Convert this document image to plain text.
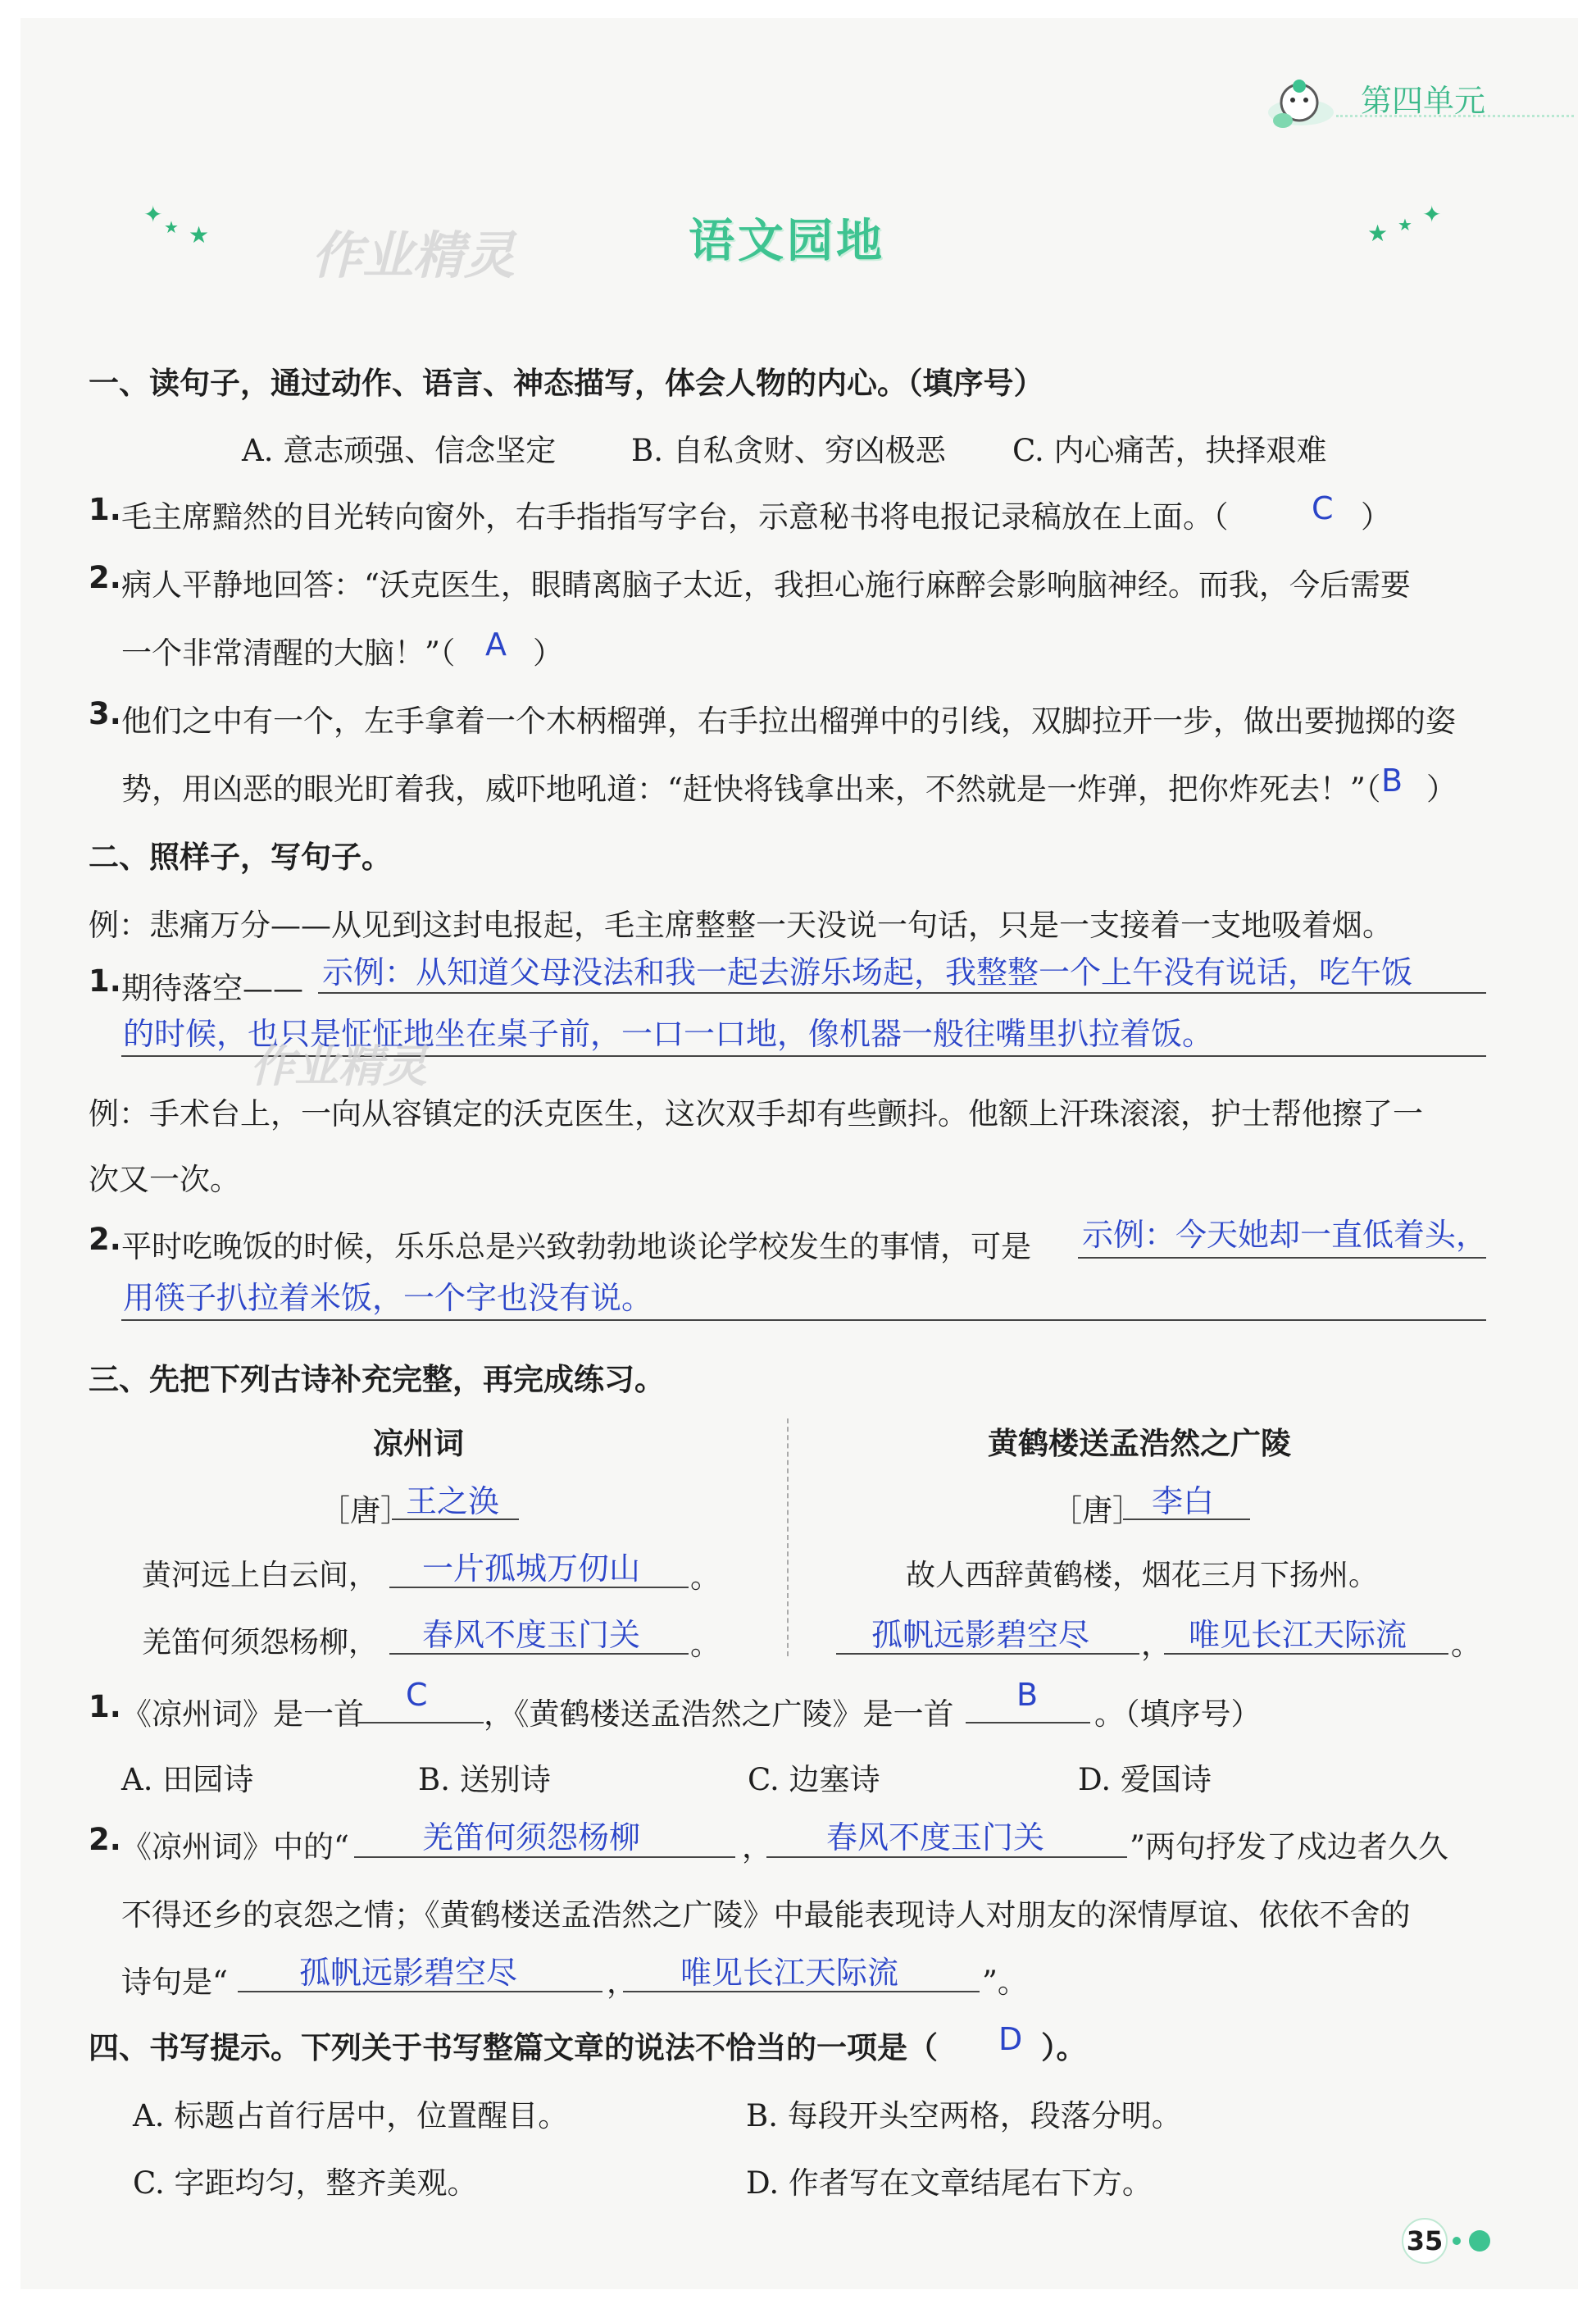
第四单元
✦ ★ ★ 作业精灵	语文园地	★ ★ ✦
一、读句子，通过动作、语言、神态描写，体会人物的内心。（填序号）
A. 意志顽强、信念坚定 B. 自私贪财、穷凶极恶 C. 内心痛苦，抉择艰难
1. 毛主席黯然的目光转向窗外，右手指指写字台，示意秘书将电报记录稿放在上面。（	C ）
2. 病人平静地回答：“沃克医生，眼睛离脑子太近，我担心施行麻醉会影响脑神经。而我，今后需要
一个非常清醒的大脑！”（ A ）
3. 他们之中有一个，左手拿着一个木柄榴弹，右手拉出榴弹中的引线，双脚拉开一步，做出要抛掷的姿
势，用凶恶的眼光盯着我，威吓地吼道：“赶快将钱拿出来，不然就是一炸弹，把你炸死去！”（ B ）
二、照样子，写句子。
例：悲痛万分——从见到这封电报起，毛主席整整一天没说一句话，只是一支接着一支地吸着烟。
1. 期待落空—— 示例：从知道父母没法和我一起去游乐场起，我整整一个上午没有说话，吃午饭
的时候，也只是怔怔地坐在桌子前，一口一口地，像机器一般往嘴里扒拉着饭。
作业精灵
例：手术台上，一向从容镇定的沃克医生，这次双手却有些颤抖。他额上汗珠滚滚，护士帮他擦了一
次又一次。
2. 平时吃晚饭的时候，乐乐总是兴致勃勃地谈论学校发生的事情，可是 示例：今天她却一直低着头，
用筷子扒拉着米饭，一个字也没有说。
三、先把下列古诗补充完整，再完成练习。
凉州词
［唐］
王之涣
黄河远上白云间， 一片孤城万仞山 。
羌笛何须怨杨柳， 春风不度玉门关 。
黄鹤楼送孟浩然之广陵
［唐］ 李白
故人西辞黄鹤楼，烟花三月下扬州。
孤帆远影碧空尽 ， 唯见长江天际流 。
1. 《凉州词》是一首
C
，《黄鹤楼送孟浩然之广陵》是一首
B
。（填序号）
A. 田园诗	B. 送别诗	C. 边塞诗	D. 爱国诗
2. 《凉州词》中的“ 羌笛何须怨杨柳	， 春风不度玉门关	”两句抒发了戍边者久久
不得还乡的哀怨之情；《黄鹤楼送孟浩然之广陵》中最能表现诗人对朋友的深情厚谊、依依不舍的
诗句是“ 孤帆远影碧空尽	， 唯见长江天际流	”。
四、书写提示。下列关于书写整篇文章的说法不恰当的一项是（ D ）。
A. 标题占首行居中，位置醒目。	B. 每段开头空两格，段落分明。
C. 字距均匀，整齐美观。	D. 作者写在文章结尾右下方。
35
